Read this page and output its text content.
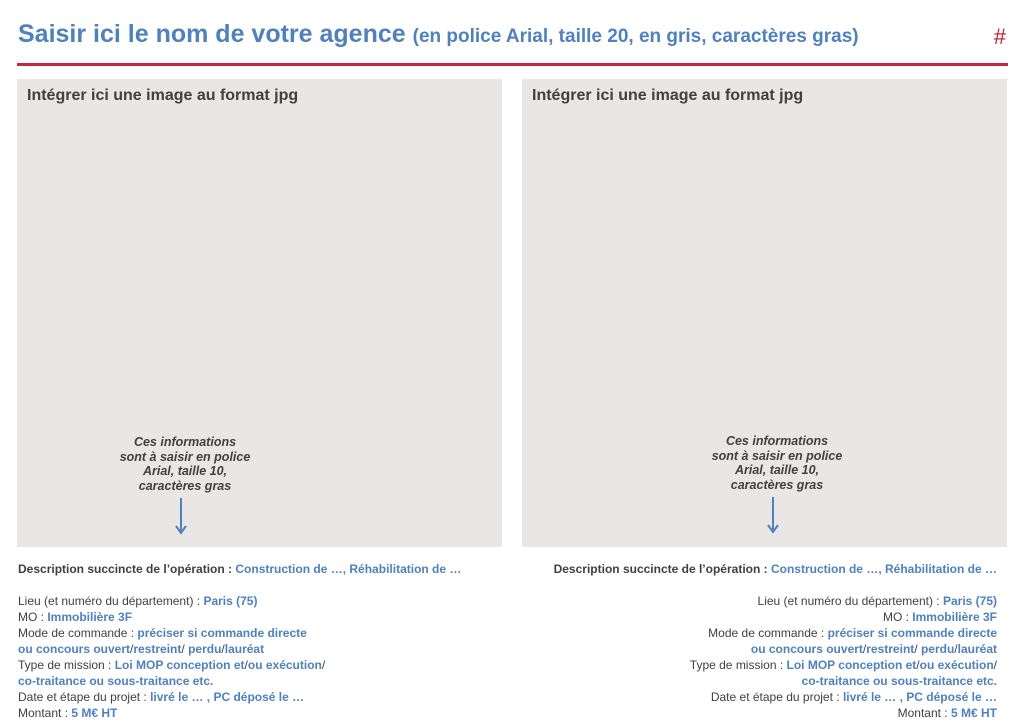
Saisir ici le nom de votre agence (en police Arial, taille 20, en gris, caractères gras)	#
Intégrer ici une image au format jpg
Ces informations
sont à saisir en police
Arial, taille 10,
caractères gras
Intégrer ici une image au format jpg
Ces informations
sont à saisir en police
Arial, taille 10,
caractères gras
Description succincte de l’opération : Construction de …, Réhabilitation de …
Lieu (et numéro du département) : Paris (75)
MO : Immobilière 3F
Mode de commande : préciser si commande directe
ou concours ouvert/restreint/ perdu/lauréat
Type de mission : Loi MOP conception et/ou exécution/
co-traitance ou sous-traitance etc.
Date et étape du projet : livré le … , PC déposé le …
Montant : 5 M€ HT
Description succincte de l’opération : Construction de …, Réhabilitation de …
Lieu (et numéro du département) : Paris (75)
MO : Immobilière 3F
Mode de commande : préciser si commande directe
ou concours ouvert/restreint/ perdu/lauréat
Type de mission : Loi MOP conception et/ou exécution/
co-traitance ou sous-traitance etc.
Date et étape du projet : livré le … , PC déposé le …
Montant : 5 M€ HT
